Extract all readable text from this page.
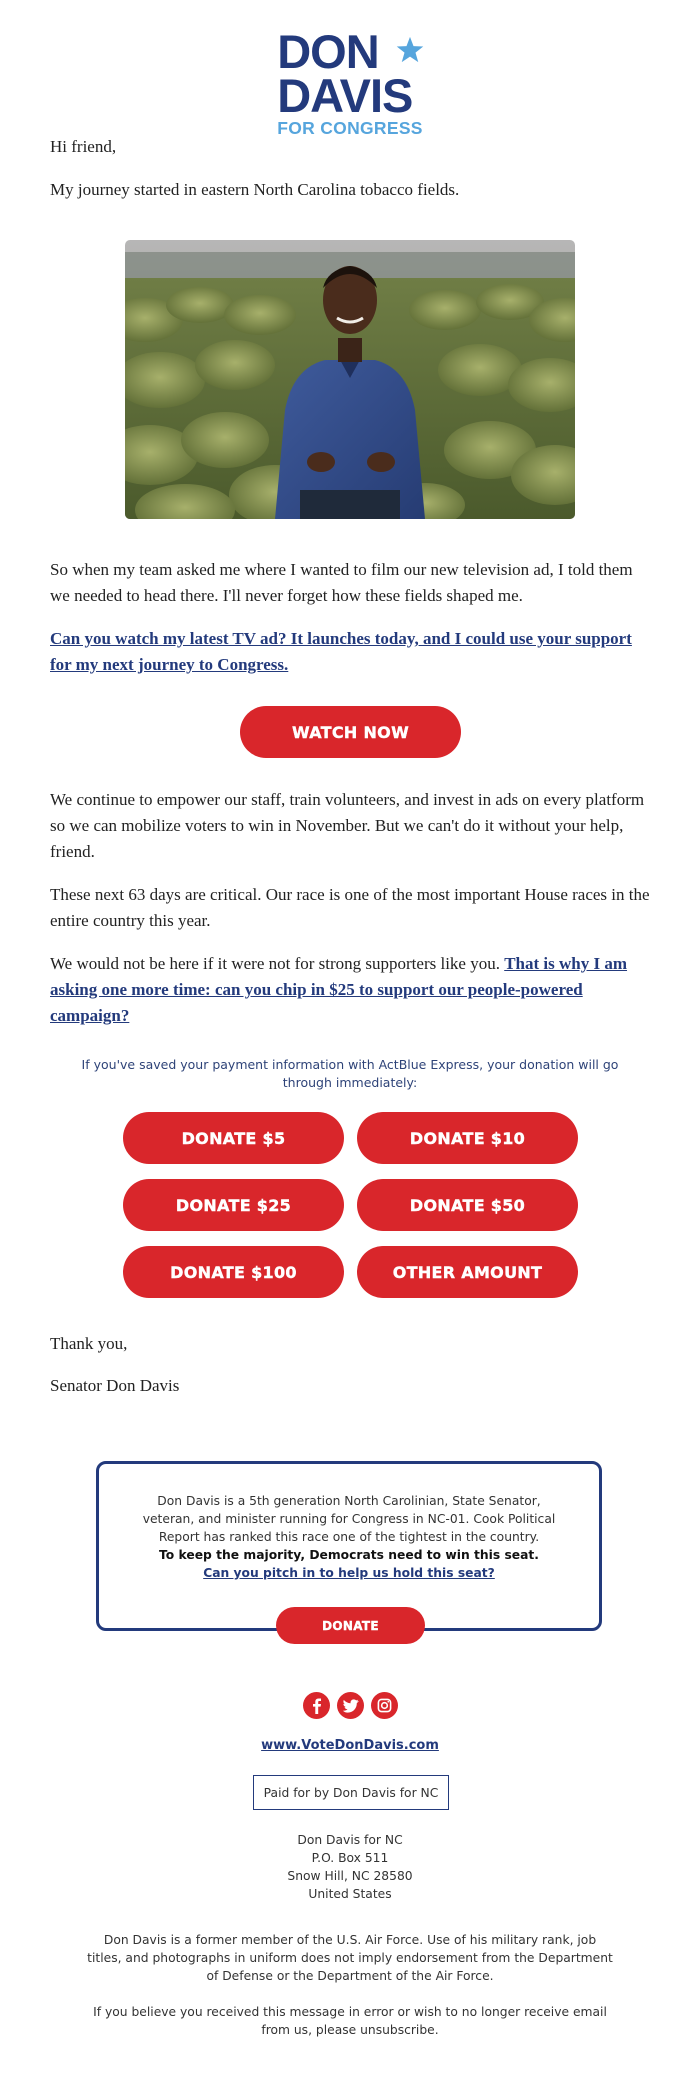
DON
DAVIS
FOR CONGRESS

Hi friend,

My journey started in eastern North Carolina tobacco fields.

So when my team asked me where I wanted to film our new television ad, I told them we needed to head there. I'll never forget how these fields shaped me.

Can you watch my latest TV ad? It launches today, and I could use your support for my next journey to Congress.

WATCH NOW

We continue to empower our staff, train volunteers, and invest in ads on every platform so we can mobilize voters to win in November. But we can't do it without your help, friend.

These next 63 days are critical. Our race is one of the most important House races in the entire country this year.

We would not be here if it were not for strong supporters like you. That is why I am asking one more time: can you chip in $25 to support our people-powered campaign?

If you've saved your payment information with ActBlue Express, your donation will go through immediately:
DONATE $5	DONATE $10
DONATE $25	DONATE $50
DONATE $100	OTHER AMOUNT

Thank you,

Senator Don Davis

Don Davis is a 5th generation North Carolinian, State Senator, veteran, and minister running for Congress in NC-01. Cook Political Report has ranked this race one of the tightest in the country.
To keep the majority, Democrats need to win this seat.
Can you pitch in to help us hold this seat?
DONATE
www.VoteDonDavis.com
Paid for by Don Davis for NC
Don Davis for NC
P.O. Box 511
Snow Hill, NC 28580
United States
Don Davis is a former member of the U.S. Air Force. Use of his military rank, job titles, and photographs in uniform does not imply endorsement from the Department of Defense or the Department of the Air Force.
If you believe you received this message in error or wish to no longer receive email from us, please unsubscribe.
